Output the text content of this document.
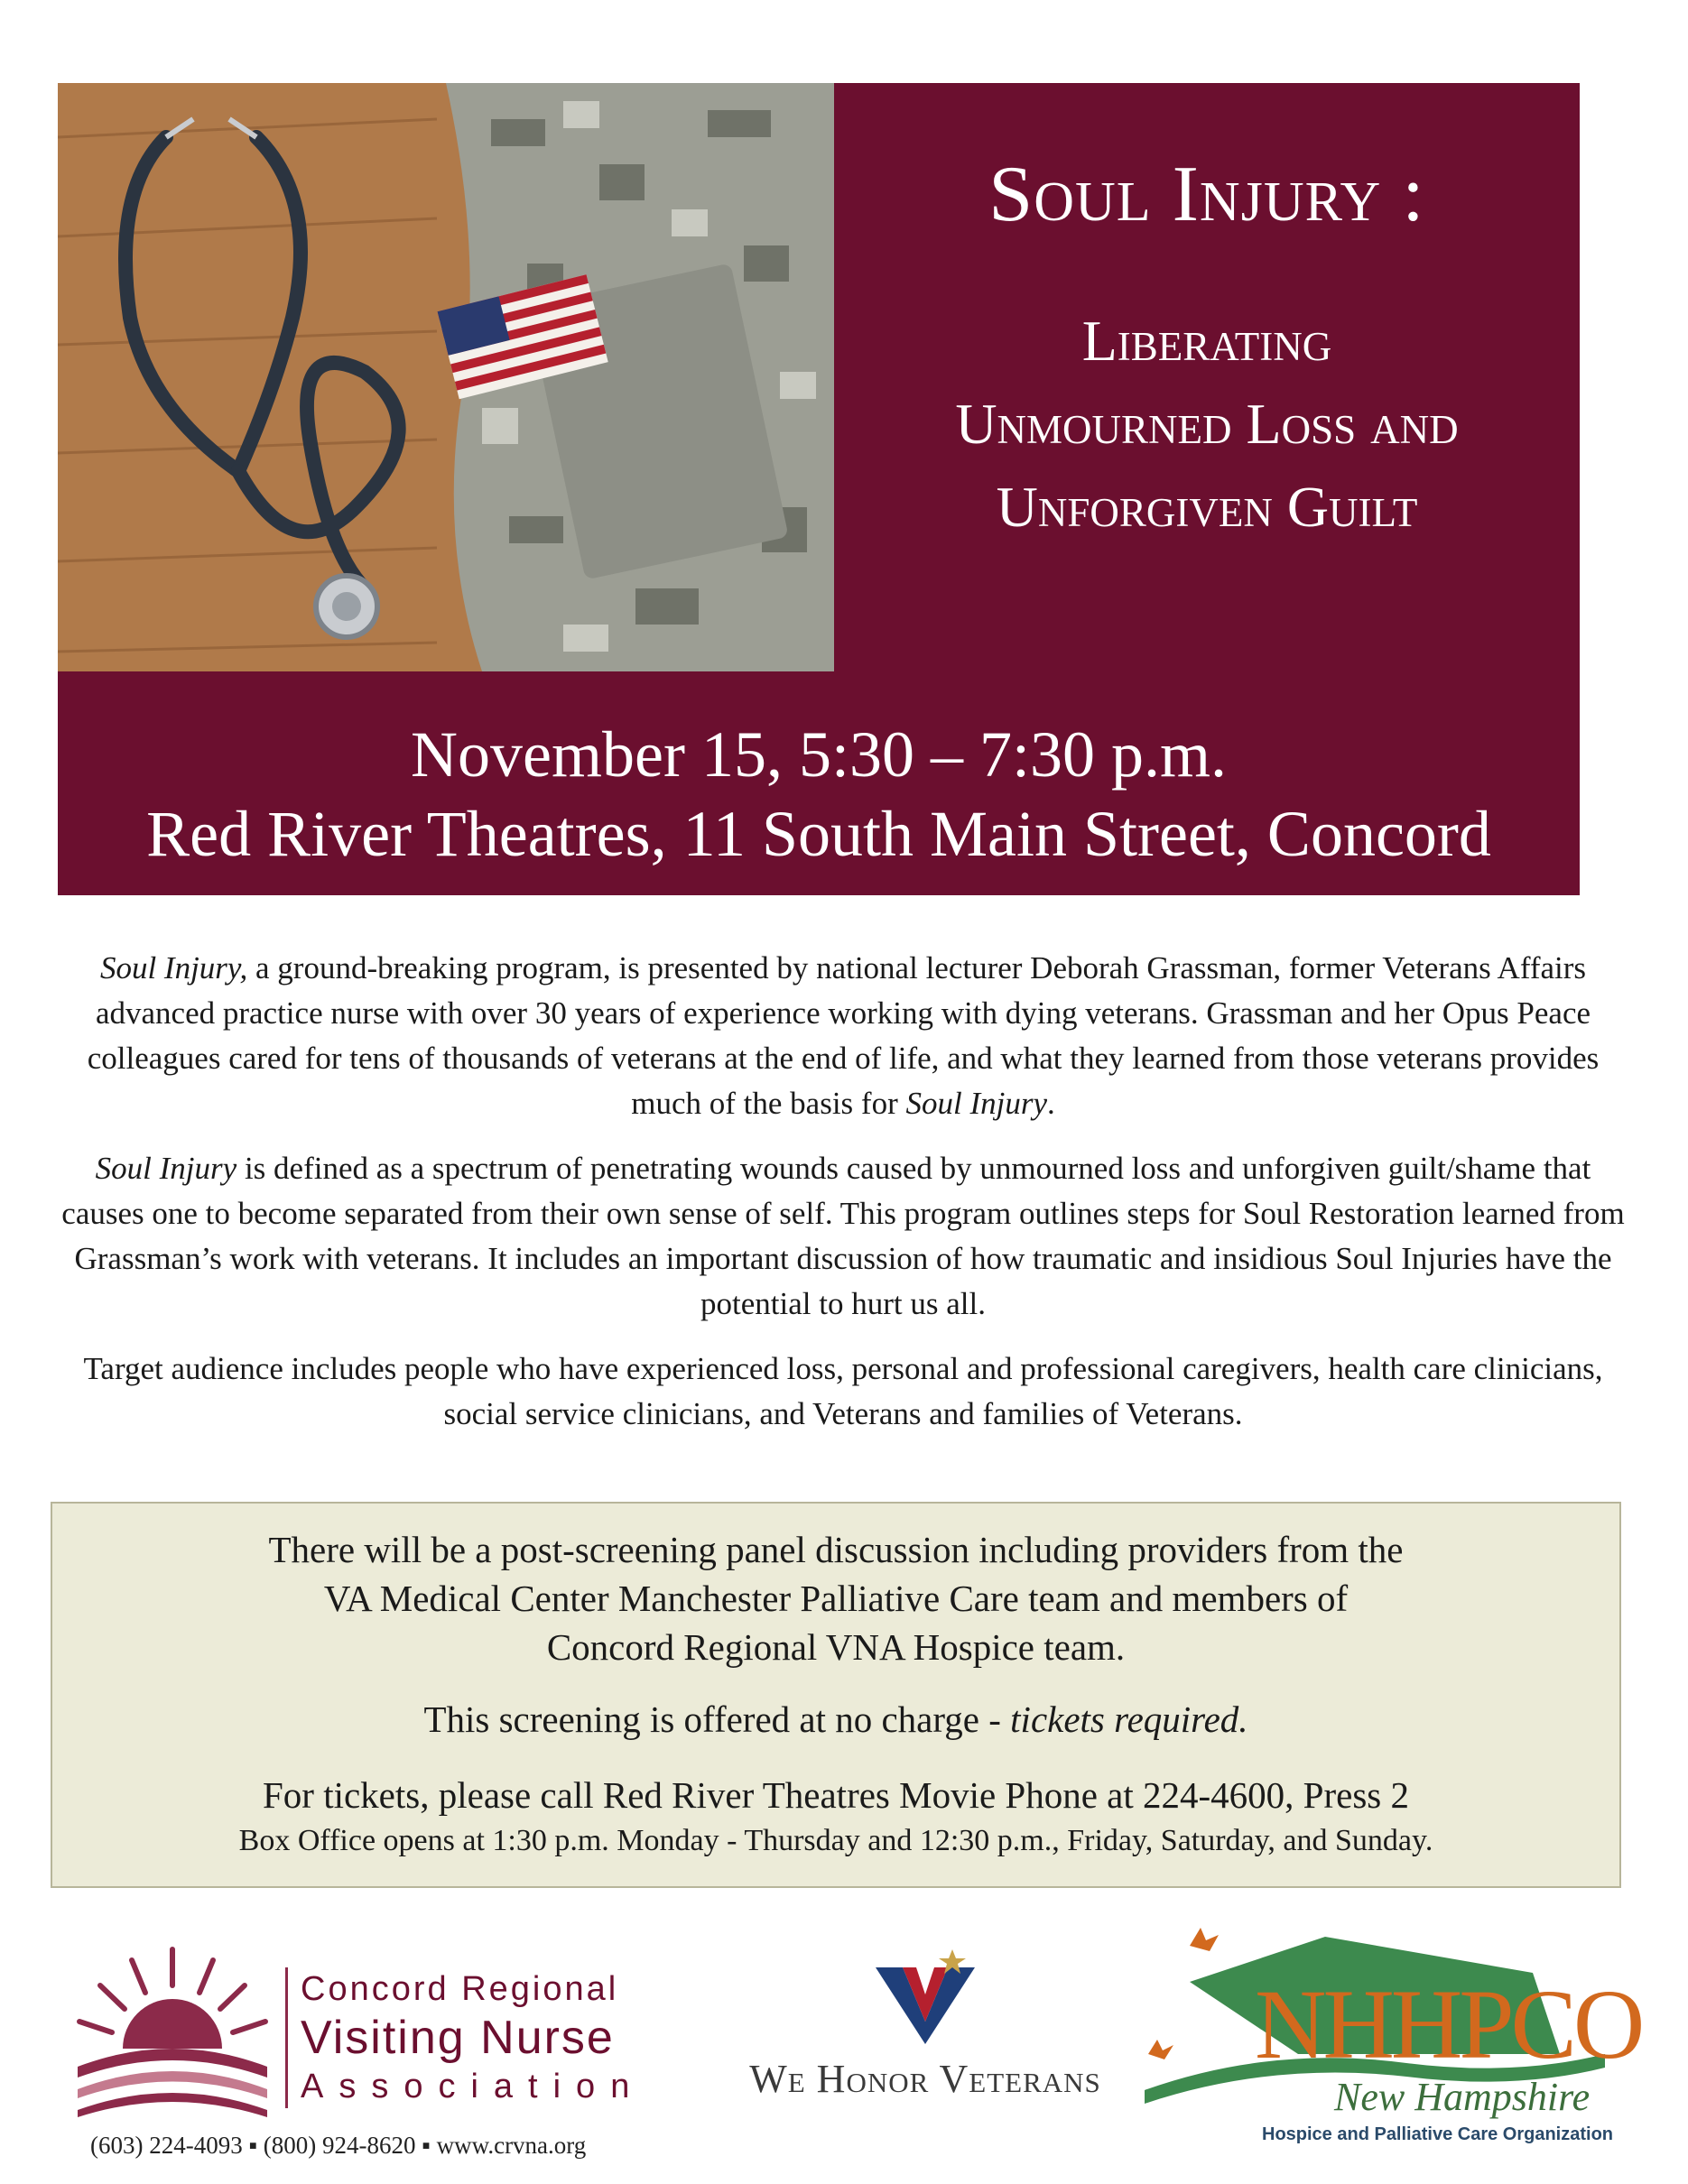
Soul Injury :
Liberating
Unmourned Loss and
Unforgiven Guilt
November 15, 5:30 – 7:30 p.m.
Red River Theatres, 11 South Main Street, Concord

Soul Injury, a ground-breaking program, is presented by national lecturer Deborah Grassman, former Veterans Affairs advanced practice nurse with over 30 years of experience working with dying veterans. Grassman and her Opus Peace colleagues cared for tens of thousands of veterans at the end of life, and what they learned from those veterans provides much of the basis for Soul Injury.

Soul Injury is defined as a spectrum of penetrating wounds caused by unmourned loss and unforgiven guilt/shame that causes one to become separated from their own sense of self. This program outlines steps for Soul Restoration learned from Grassman’s work with veterans. It includes an important discussion of how traumatic and insidious Soul Injuries have the potential to hurt us all.

Target audience includes people who have experienced loss, personal and professional caregivers, health care clinicians, social service clinicians, and Veterans and families of Veterans.

There will be a post-screening panel discussion including providers from the
VA Medical Center Manchester Palliative Care team and members of
Concord Regional VNA Hospice team.
This screening is offered at no charge - tickets required.
For tickets, please call Red River Theatres Movie Phone at 224-4600, Press 2
Box Office opens at 1:30 p.m. Monday - Thursday and 12:30 p.m., Friday, Saturday, and Sunday.
Concord Regional
Visiting Nurse
Association
(603) 224-4093 ▪ (800) 924-8620 ▪ www.crvna.org
We Honor Veterans	NHHPCO
New Hampshire
Hospice and Palliative Care Organization
